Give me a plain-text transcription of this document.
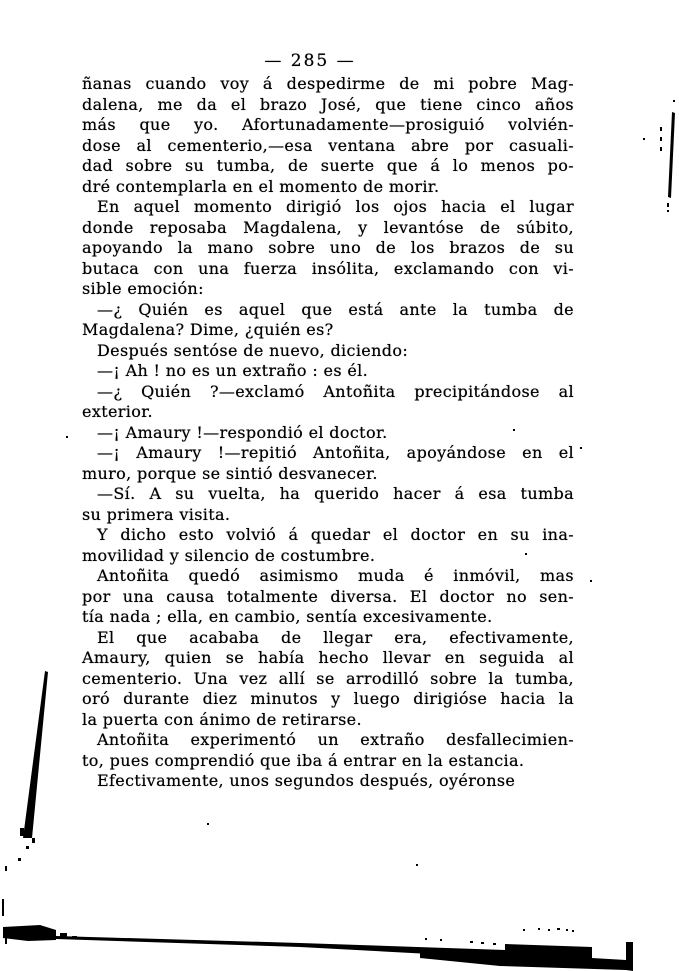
— 285 —
ñanas cuando voy á despedirme de mi pobre Mag-
dalena, me da el brazo José, que tiene cinco años
más que yo. Afortunadamente—prosiguió volvién-
dose al cementerio,—esa ventana abre por casuali-
dad sobre su tumba, de suerte que á lo menos po-
dré contemplarla en el momento de morir.
En aquel momento dirigió los ojos hacia el lugar
donde reposaba Magdalena, y levantóse de súbito,
apoyando la mano sobre uno de los brazos de su
butaca con una fuerza insólita, exclamando con vi-
sible emoción:
—¿ Quién es aquel que está ante la tumba de
Magdalena? Dime, ¿quién es?
Después sentóse de nuevo, diciendo:
—¡ Ah ! no es un extraño : es él.
—¿ Quién ?—exclamó Antoñita precipitándose al
exterior.
—¡ Amaury !—respondió el doctor.
—¡ Amaury !—repitió Antoñita, apoyándose en el
muro, porque se sintió desvanecer.
—Sí. A su vuelta, ha querido hacer á esa tumba
su primera visita.
Y dicho esto volvió á quedar el doctor en su ina-
movilidad y silencio de costumbre.
Antoñita quedó asimismo muda é inmóvil, mas
por una causa totalmente diversa. El doctor no sen-
tía nada ; ella, en cambio, sentía excesivamente.
El que acababa de llegar era, efectivamente,
Amaury, quien se había hecho llevar en seguida al
cementerio. Una vez allí se arrodilló sobre la tumba,
oró durante diez minutos y luego dirigióse hacia la
la puerta con ánimo de retirarse.
Antoñita experimentó un extraño desfallecimien-
to, pues comprendió que iba á entrar en la estancia.
Efectivamente, unos segundos después, oyéronse
